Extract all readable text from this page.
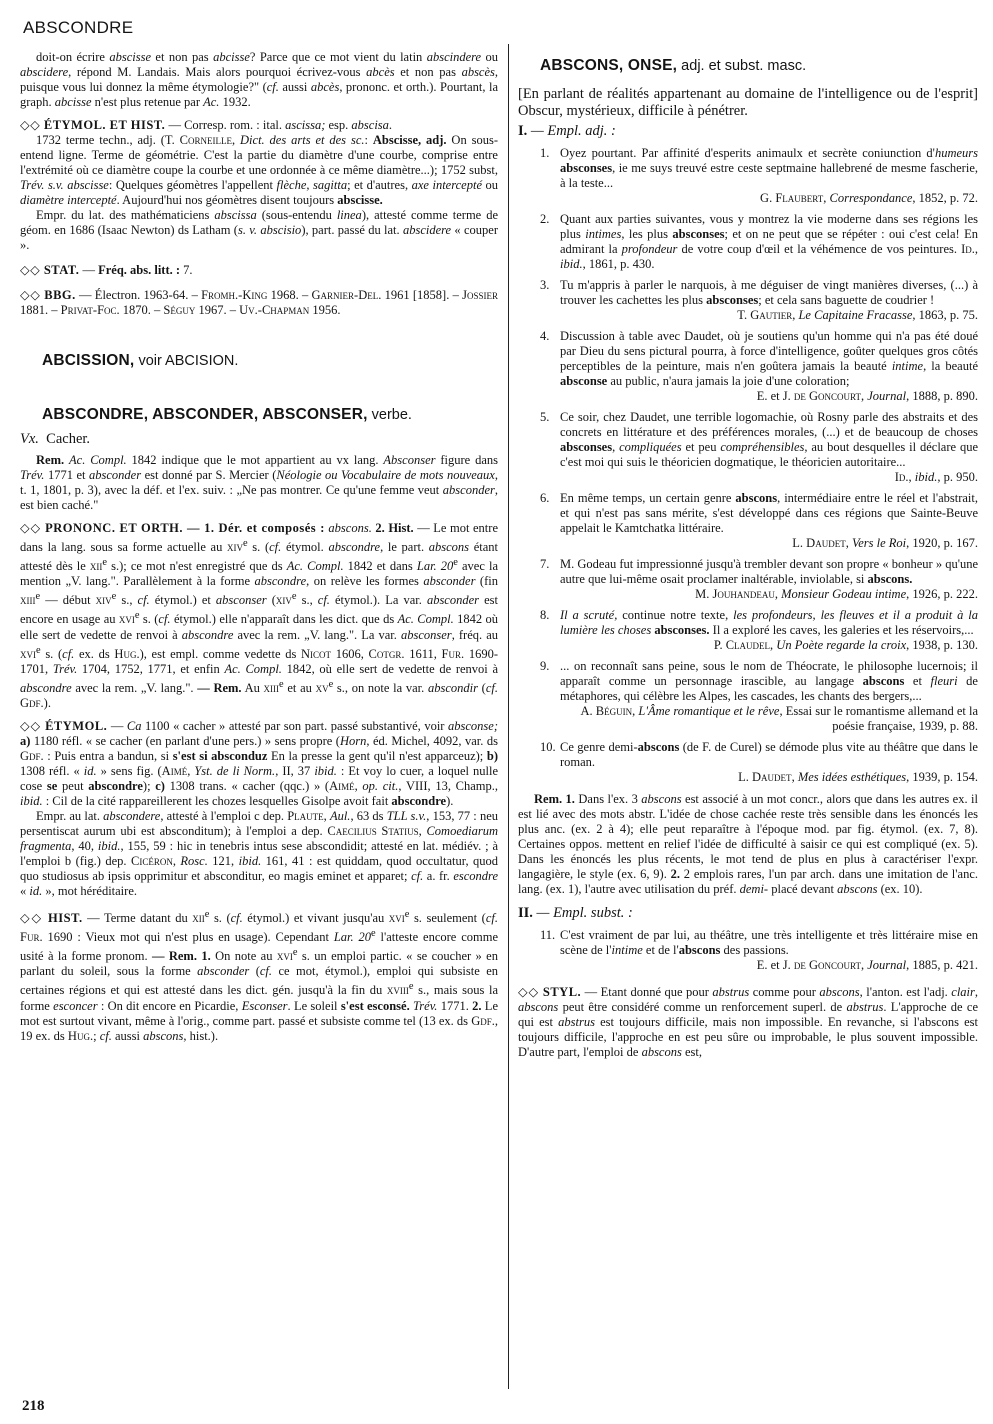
ABSCONDRE

doit-on écrire abscisse et non pas abcisse? Parce que ce mot vient du latin abscindere ou abscidere, répond M. Landais. Mais alors pourquoi écrivez-vous abcès et non pas abscès, puisque vous lui donnez la même étymologie?" (cf. aussi abcès, prononc. et orth.). Pourtant, la graph. abcisse n'est plus retenue par Ac. 1932.

◇◇ ÉTYMOL. ET HIST. — Corresp. rom. : ital. ascissa; esp. abscisa.

1732 terme techn., adj. (T. Corneille, Dict. des arts et des sc.: Abscisse, adj. On sous-entend ligne. Terme de géométrie. C'est la partie du diamètre d'une courbe, comprise entre l'extrémité où ce diamètre coupe la courbe et une ordonnée à ce même diamètre...); 1752 subst, Trév. s.v. abscisse: Quelques géomètres l'appellent flèche, sagitta; et d'autres, axe intercepté ou diamètre intercepté. Aujourd'hui nos géomètres disent toujours abscisse.

Empr. du lat. des mathématiciens abscissa (sous-entendu linea), attesté comme terme de géom. en 1686 (Isaac Newton) ds Latham (s. v. abscisio), part. passé du lat. abscidere « couper ».

◇◇ STAT. — Fréq. abs. litt. : 7.

◇◇ BBG. — Électron. 1963-64. – Fromh.-King 1968. – Garnier-Del. 1961 [1858]. – Jossier 1881. – Privat-Foc. 1870. – Séguy 1967. – Uv.-Chapman 1956.

ABCISSION, voir ABCISION.

ABSCONDRE, ABSCONDER, ABSCONSER, verbe.

Vx. Cacher.

Rem. Ac. Compl. 1842 indique que le mot appartient au vx lang. Absconser figure dans Trév. 1771 et absconder est donné par S. Mercier (Néologie ou Vocabulaire de mots nouveaux, t. 1, 1801, p. 3), avec la déf. et l'ex. suiv. : „Ne pas montrer. Ce qu'une femme veut absconder, est bien caché."

◇◇ PRONONC. ET ORTH. — 1. Dér. et composés : abscons. 2. Hist. — Le mot entre dans la lang. sous sa forme actuelle au xiv$^e$ s. (cf. étymol. abscondre, le part. abscons étant attesté dès le xii$^e$ s.); ce mot n'est enregistré que ds Ac. Compl. 1842 et dans Lar. 20e avec la mention „V. lang.". Parallèlement à la forme abscondre, on relève les formes absconder (fin xiii$^e$ — début xiv$^e$ s., cf. étymol.) et absconser (xiv$^e$ s., cf. étymol.). La var. absconder est encore en usage au xvi$^e$ s. (cf. étymol.) elle n'apparaît dans les dict. que ds Ac. Compl. 1842 où elle sert de vedette de renvoi à abscondre avec la rem. „V. lang.". La var. absconser, fréq. au xvi$^e$ s. (cf. ex. ds Hug.), est empl. comme vedette ds Nicot 1606, Cotgr. 1611, Fur. 1690-1701, Trév. 1704, 1752, 1771, et enfin Ac. Compl. 1842, où elle sert de vedette de renvoi à abscondre avec la rem. „V. lang.". — Rem. Au xiii$^e$ et au $xv^e$ s., on note la var. abscondir (cf. Gdf.).

◇◇ ÉTYMOL. — Ca 1100 « cacher » attesté par son part. passé substantivé, voir absconse; a) 1180 réfl. « se cacher (en parlant d'une pers.) » sens propre (Horn, éd. Michel, 4092, var. ds Gdf. : Puis entra a bandun, si s'est si absconduz En la presse la gent qu'il n'est apparceuz); b) 1308 réfl. « id. » sens fig. (Aimé, Yst. de li Norm., II, 37 ibid. : Et voy lo cuer, a loquel nulle cose se peut abscondre); c) 1308 trans. « cacher (qqc.) » (Aimé, op. cit., VIII, 13, Champ., ibid. : Cil de la cité rappareillerent les chozes lesquelles Gisolpe avoit fait abscondre).

Empr. au lat. abscondere, attesté à l'emploi c dep. Plaute, Aul., 63 ds TLL s.v., 153, 77 : neu persentiscat aurum ubi est absconditum); à l'emploi a dep. Caecilius Statius, Comoediarum fragmenta, 40, ibid., 155, 59 : hic in tenebris intus sese abscondidit; attesté en lat. médiév. ; à l'emploi b (fig.) dep. Cicéron, Rosc. 121, ibid. 161, 41 : est quiddam, quod occultatur, quod quo studiosus ab ipsis opprimitur et absconditur, eo magis eminet et apparet; cf. a. fr. escondre « id. », mot héréditaire.

◇◇ HIST. — Terme datant du xii$^e$ s. (cf. étymol.) et vivant jusqu'au xvi$^e$ s. seulement (cf. Fur. 1690 : Vieux mot qui n'est plus en usage). Cependant Lar. 20e l'atteste encore comme usité à la forme pronom. — Rem. 1. On note au xvi$^e$ s. un emploi partic. « se coucher » en parlant du soleil, sous la forme absconder (cf. ce mot, étymol.), emploi qui subsiste en certaines régions et qui est attesté dans les dict. gén. jusqu'à la fin du xviii$^e$ s., mais sous la forme esconcer : On dit encore en Picardie, Esconser. Le soleil s'est esconsé. Trév. 1771. 2. Le mot est surtout vivant, même à l'orig., comme part. passé et subsiste comme tel (13 ex. ds Gdf., 19 ex. ds Hug.; cf. aussi abscons, hist.).

ABSCONS, ONSE, adj. et subst. masc.

[En parlant de réalités appartenant au domaine de l'intelligence ou de l'esprit] Obscur, mystérieux, difficile à pénétrer.

I. — Empl. adj. :

1. Oyez pourtant. Par affinité d'esperits animaulx et secrète coniunction d'humeurs absconses, ie me suys treuvé estre ceste septmaine hallebrené de mesme fascherie, à la teste...
G. Flaubert, Correspondance, 1852, p. 72.
2. Quant aux parties suivantes, vous y montrez la vie moderne dans ses régions les plus intimes, les plus absconses; et on ne peut que se répéter : oui c'est cela! En admirant la profondeur de votre coup d'œil et la véhémence de vos peintures. Id., ibid., 1861, p. 430.
3. Tu m'appris à parler le narquois, à me déguiser de vingt manières diverses, (...) à trouver les cachettes les plus absconses; et cela sans baguette de coudrier !
T. Gautier, Le Capitaine Fracasse, 1863, p. 75.
4. Discussion à table avec Daudet, où je soutiens qu'un homme qui n'a pas été doué par Dieu du sens pictural pourra, à force d'intelligence, goûter quelques gros côtés perceptibles de la peinture, mais n'en goûtera jamais la beauté intime, la beauté absconse au public, n'aura jamais la joie d'une coloration;
E. et J. de Goncourt, Journal, 1888, p. 890.
5. Ce soir, chez Daudet, une terrible logomachie, où Rosny parle des abstraits et des concrets en littérature et des préférences morales, (...) et de beaucoup de choses absconses, compliquées et peu compréhensibles, au bout desquelles il déclare que c'est moi qui suis le théoricien dogmatique, le théoricien autoritaire...
Id., ibid., p. 950.
6. En même temps, un certain genre abscons, intermédiaire entre le réel et l'abstrait, et qui n'est pas sans mérite, s'est développé dans ces régions que Sainte-Beuve appelait le Kamtchatka littéraire.
L. Daudet, Vers le Roi, 1920, p. 167.
7. M. Godeau fut impressionné jusqu'à trembler devant son propre « bonheur » qu'une autre que lui-même osait proclamer inaltérable, inviolable, si abscons.
M. Jouhandeau, Monsieur Godeau intime, 1926, p. 222.
8. Il a scruté, continue notre texte, les profondeurs, les fleuves et il a produit à la lumière les choses absconses. Il a exploré les caves, les galeries et les réservoirs,...
P. Claudel, Un Poète regarde la croix, 1938, p. 130.
9. ... on reconnaît sans peine, sous le nom de Théocrate, le philosophe lucernois; il apparaît comme un personnage irascible, au langage abscons et fleuri de métaphores, qui célèbre les Alpes, les cascades, les chants des bergers,...
A. Béguin, L'Âme romantique et le rêve, Essai sur le romantisme allemand et la poésie française, 1939, p. 88.
10. Ce genre demi-abscons (de F. de Curel) se démode plus vite au théâtre que dans le roman.
L. Daudet, Mes idées esthétiques, 1939, p. 154.

Rem. 1. Dans l'ex. 3 abscons est associé à un mot concr., alors que dans les autres ex. il est lié avec des mots abstr. L'idée de chose cachée reste très sensible dans les énoncés les plus anc. (ex. 2 à 4); elle peut reparaître à l'époque mod. par fig. étymol. (ex. 7, 8). Certaines oppos. mettent en relief l'idée de difficulté à saisir ce qui est compliqué (ex. 5). Dans les énoncés les plus récents, le mot tend de plus en plus à caractériser l'expr. langagière, le style (ex. 6, 9). 2. 2 emplois rares, l'un par arch. dans une imitation de l'anc. lang. (ex. 1), l'autre avec utilisation du préf. demi- placé devant abscons (ex. 10).

II. — Empl. subst. :

11. C'est vraiment de par lui, au théâtre, une très intelligente et très littéraire mise en scène de l'intime et de l'abscons des passions.
E. et J. de Goncourt, Journal, 1885, p. 421.

◇◇ STYL. — Etant donné que pour abstrus comme pour abscons, l'anton. est l'adj. clair, abscons peut être considéré comme un renforcement superl. de abstrus. L'approche de ce qui est abstrus est toujours difficile, mais non impossible. En revanche, si l'abscons est toujours difficile, l'approche en est peu sûre ou improbable, le plus souvent impossible. D'autre part, l'emploi de abscons est,

218
